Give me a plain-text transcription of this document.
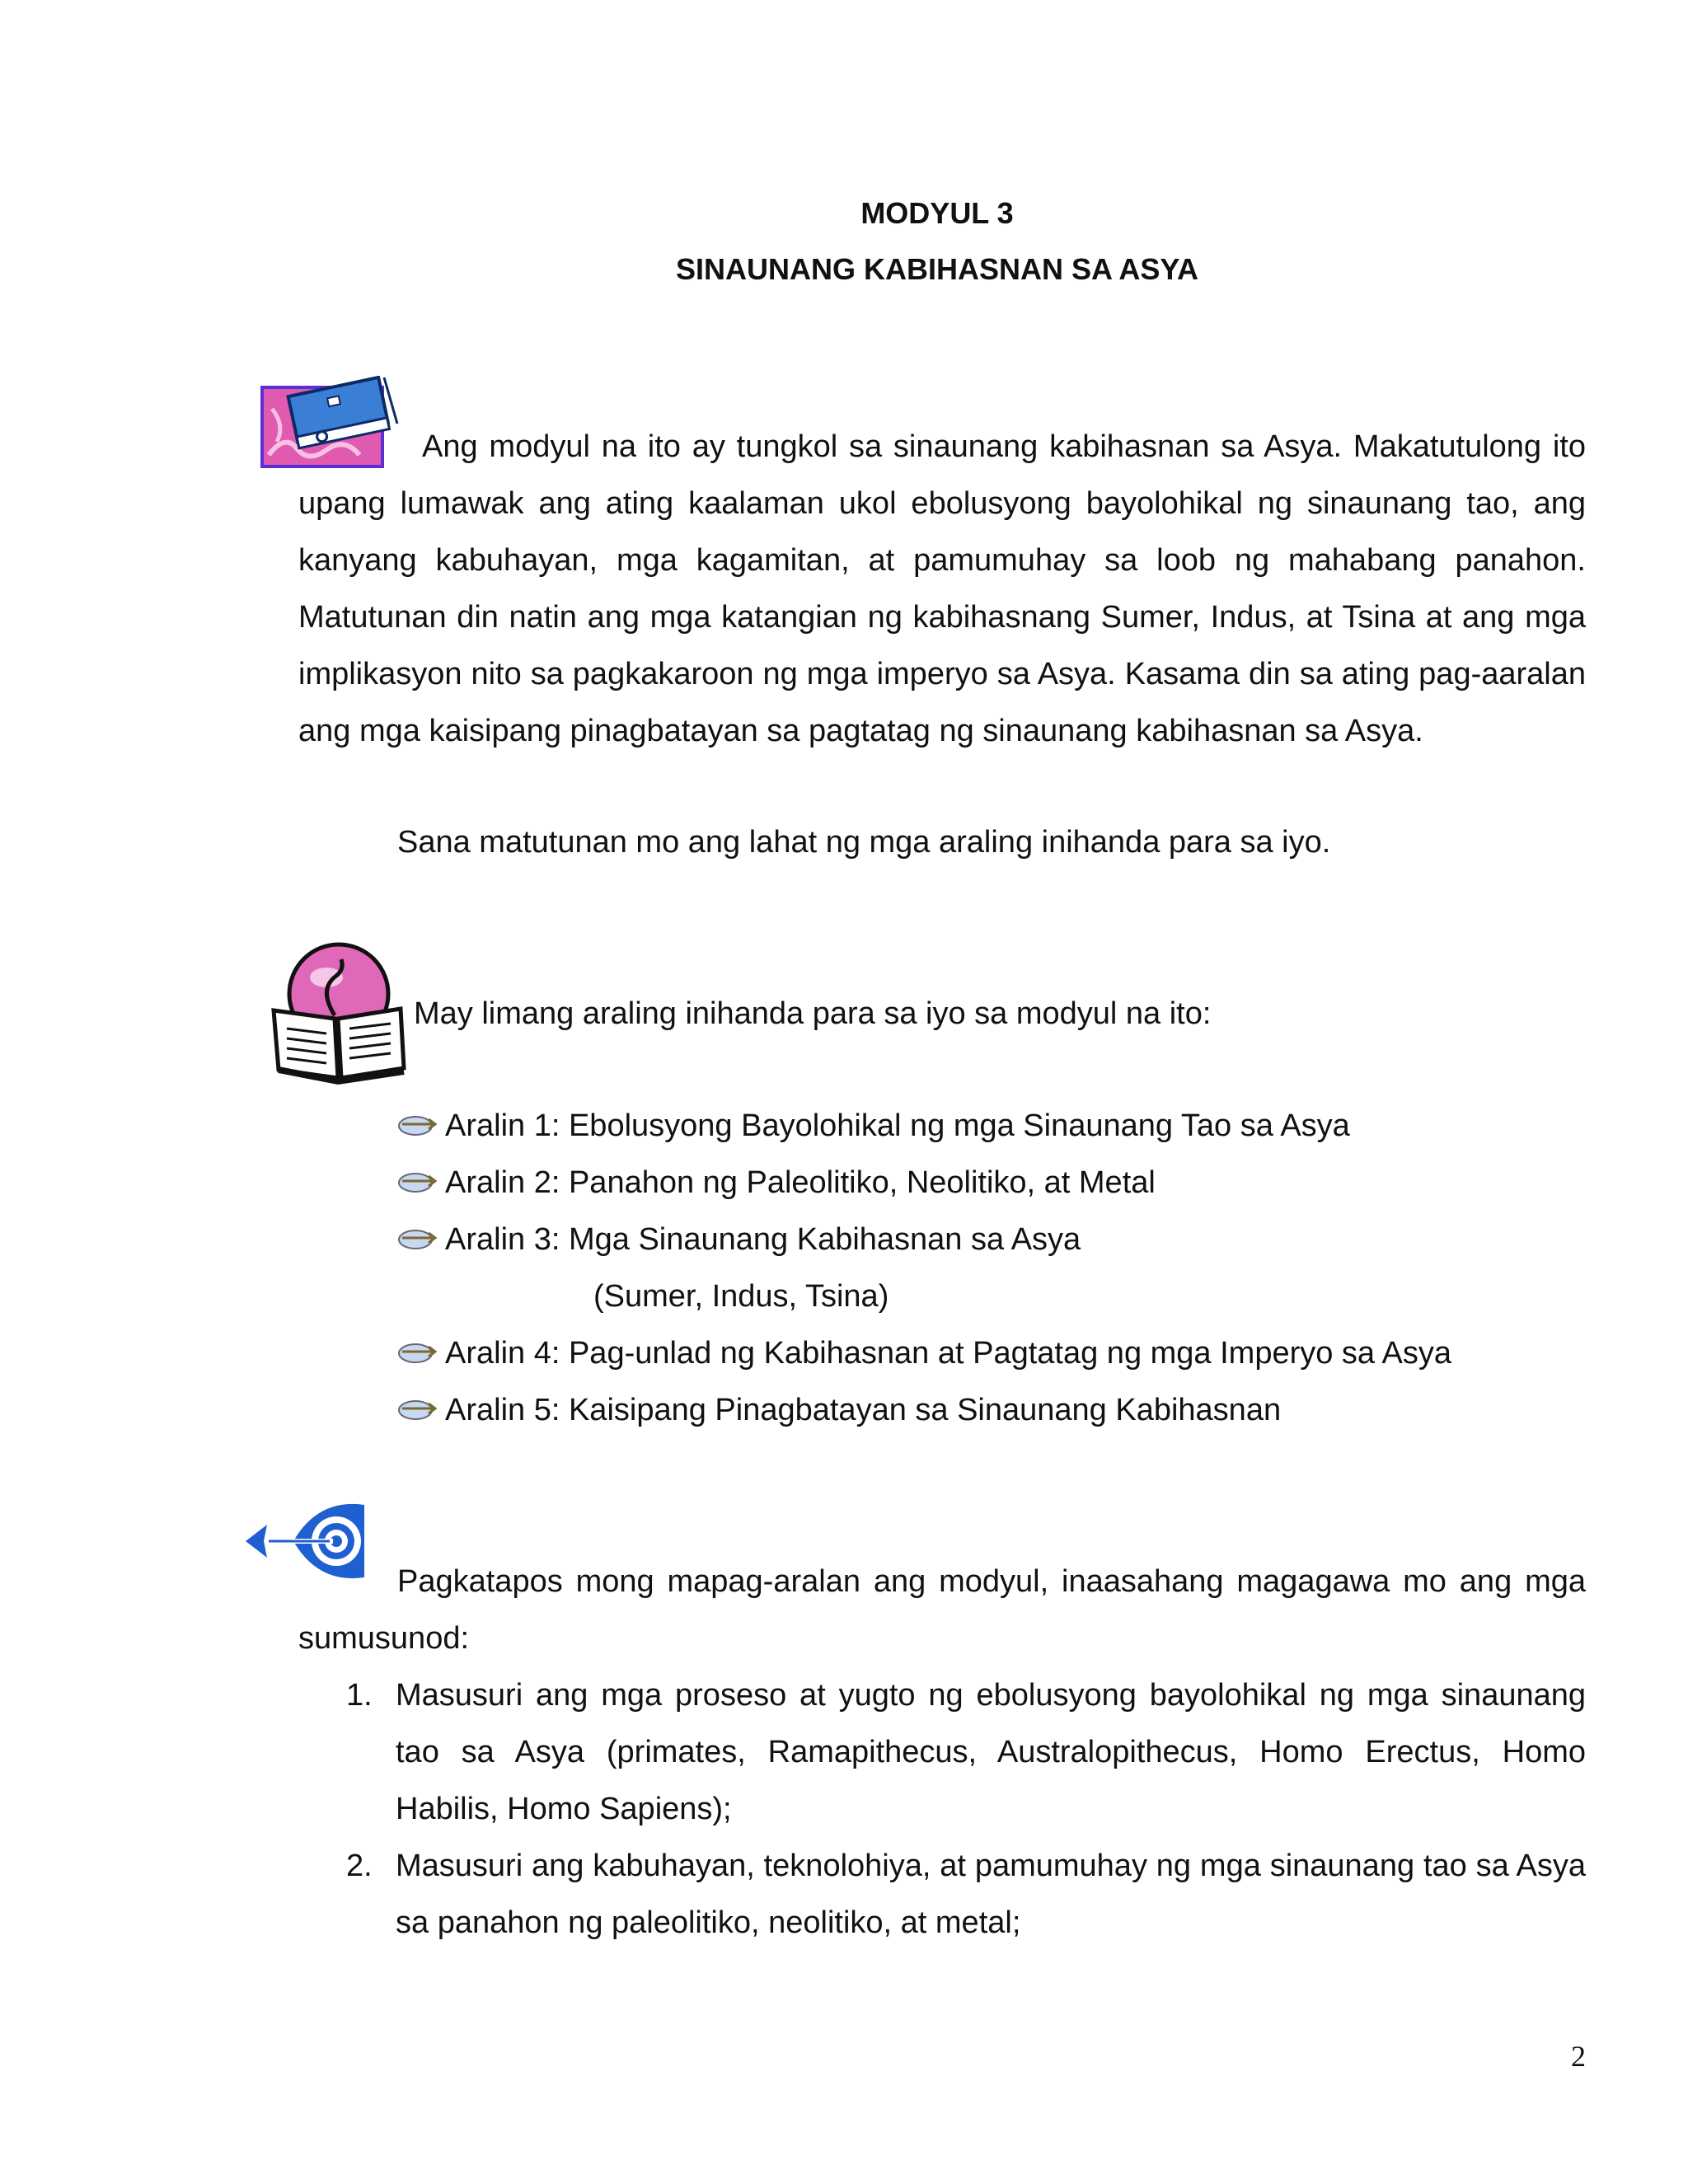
MODYUL 3
SINAUNANG KABIHASNAN SA ASYA

Ang modyul na ito ay tungkol sa sinaunang kabihasnan sa Asya. Makatutulong ito upang lumawak ang ating kaalaman ukol ebolusyong bayolohikal ng sinaunang tao, ang kanyang kabuhayan, mga kagamitan, at pamumuhay sa loob ng mahabang panahon. Matutunan din natin ang mga katangian ng kabihasnang Sumer, Indus, at Tsina at ang mga implikasyon nito sa pagkakaroon ng mga imperyo sa Asya. Kasama din sa ating pag-aaralan ang mga kaisipang pinagbatayan sa pagtatag ng sinaunang kabihasnan sa Asya.

Sana matutunan mo ang lahat ng mga araling inihanda para sa iyo.

May limang araling inihanda para sa iyo sa modyul na ito:
Aralin 1: Ebolusyong Bayolohikal ng mga Sinaunang Tao sa Asya
Aralin 2: Panahon ng Paleolitiko, Neolitiko, at Metal
Aralin 3: Mga Sinaunang Kabihasnan sa Asya
(Sumer, Indus, Tsina)
Aralin 4: Pag-unlad ng Kabihasnan at Pagtatag ng mga Imperyo sa Asya
Aralin 5: Kaisipang Pinagbatayan sa Sinaunang Kabihasnan

Pagkatapos mong mapag-aralan ang modyul, inaasahang magagawa mo ang mga sumusunod:

1. Masusuri ang mga proseso at yugto ng ebolusyong bayolohikal ng mga sinaunang tao sa Asya (primates, Ramapithecus, Australopithecus, Homo Erectus, Homo Habilis, Homo Sapiens);
2. Masusuri ang kabuhayan, teknolohiya, at pamumuhay ng mga sinaunang tao sa Asya sa panahon ng paleolitiko, neolitiko, at metal;
2
